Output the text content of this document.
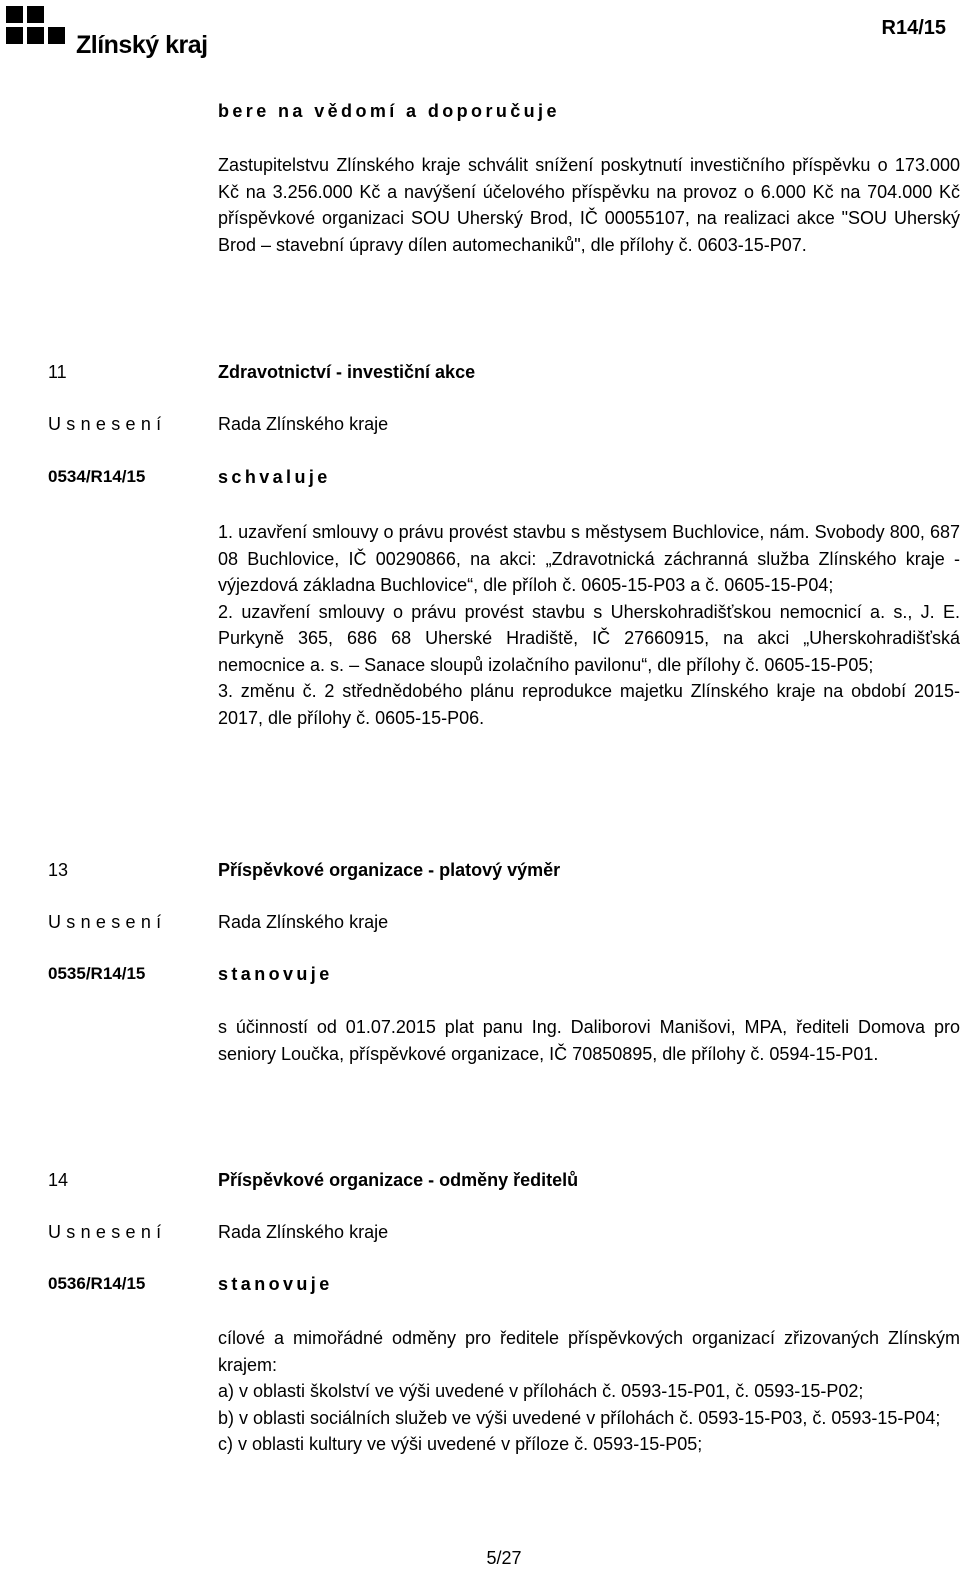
Zlínský kraj
R14/15
bere na vědomí a doporučuje

Zastupitelstvu Zlínského kraje schválit snížení poskytnutí investičního příspěvku o 173.000 Kč na 3.256.000 Kč a navýšení účelového příspěvku na provoz o 6.000 Kč na 704.000 Kč příspěvkové organizaci SOU Uherský Brod, IČ 00055107, na realizaci akce "SOU Uherský Brod – stavební úpravy dílen automechaniků", dle přílohy č. 0603-15-P07.

11	Zdravotnictví - investiční akce
Usnesení	Rada Zlínského kraje
0534/R14/15	schvaluje

1. uzavření smlouvy o právu provést stavbu s městysem Buchlovice, nám. Svobody 800, 687 08 Buchlovice, IČ 00290866, na akci: „Zdravotnická záchranná služba Zlínského kraje - výjezdová základna Buchlovice“, dle příloh č. 0605-15-P03 a č. 0605-15-P04;

2. uzavření smlouvy o právu provést stavbu s Uherskohradišťskou nemocnicí a. s., J. E. Purkyně 365, 686 68 Uherské Hradiště, IČ 27660915, na akci „Uherskohradišťská nemocnice a. s. – Sanace sloupů izolačního pavilonu“, dle přílohy č. 0605-15-P05;

3. změnu č. 2 střednědobého plánu reprodukce majetku Zlínského kraje na období 2015-2017, dle přílohy č. 0605-15-P06.

13	Příspěvkové organizace - platový výměr
Usnesení	Rada Zlínského kraje
0535/R14/15	stanovuje

s účinností od 01.07.2015 plat panu Ing. Daliborovi Manišovi, MPA, řediteli Domova pro seniory Loučka, příspěvkové organizace, IČ 70850895, dle přílohy č. 0594-15-P01.

14	Příspěvkové organizace - odměny ředitelů
Usnesení	Rada Zlínského kraje
0536/R14/15	stanovuje

cílové a mimořádné odměny pro ředitele příspěvkových organizací zřizovaných Zlínským krajem:

a) v oblasti školství ve výši uvedené v přílohách č. 0593-15-P01, č. 0593-15-P02;

b) v oblasti sociálních služeb ve výši uvedené v přílohách č. 0593-15-P03, č. 0593-15-P04;

c) v oblasti kultury ve výši uvedené v příloze č. 0593-15-P05;

5/27
